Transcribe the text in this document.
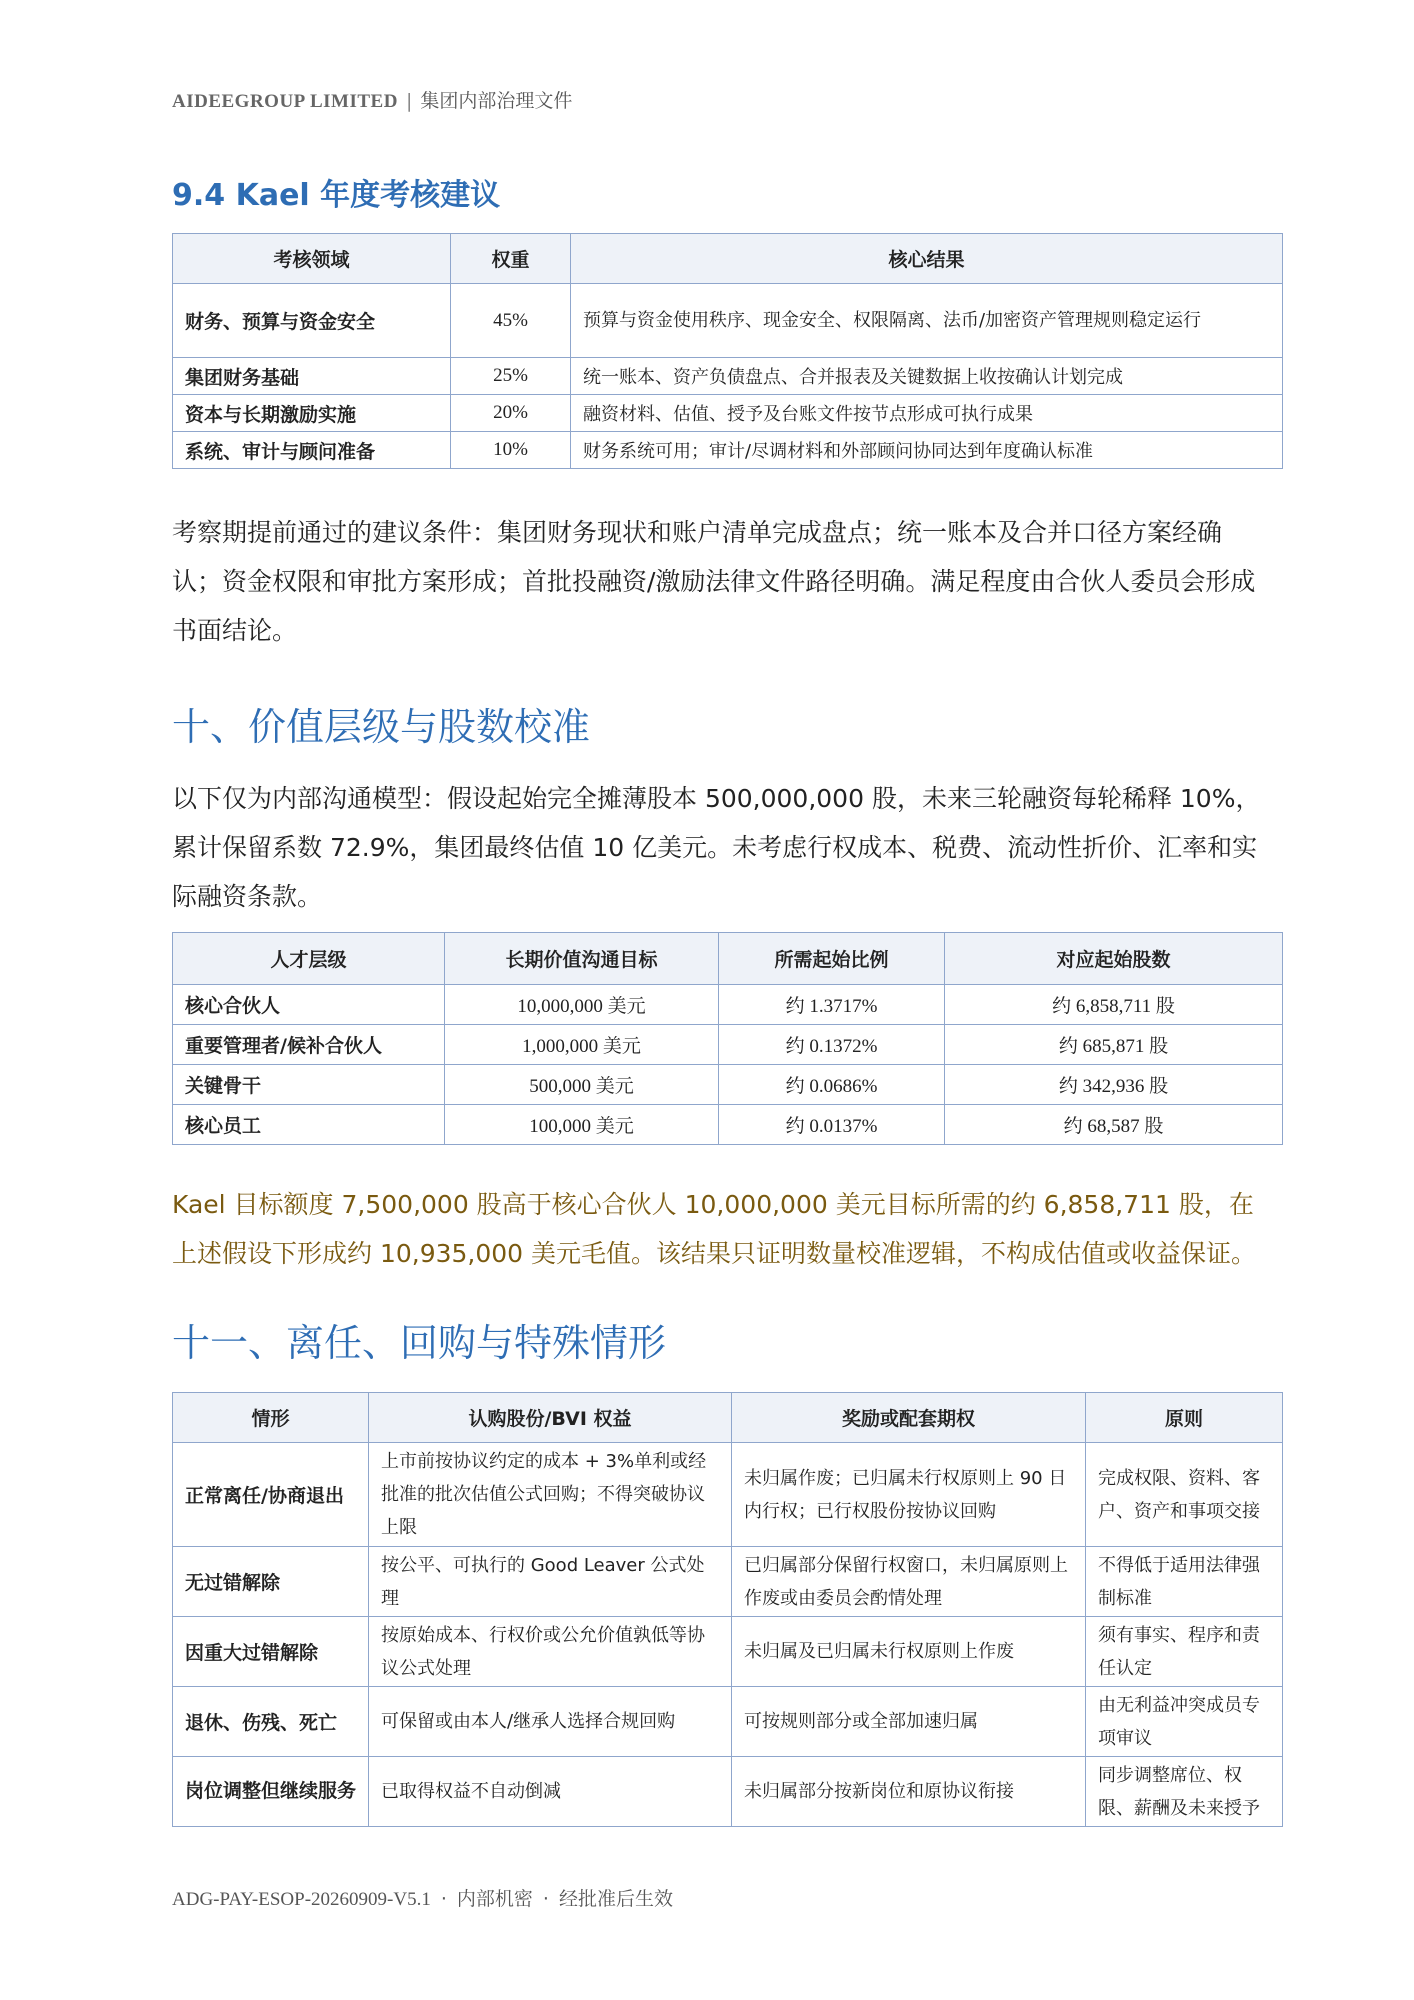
AIDEEGROUP LIMITED | 集团内部治理文件
9.4 Kael 年度考核建议
考核领域	权重	核心结果
财务、预算与资金安全	45%	预算与资金使用秩序、现金安全、权限隔离、法币/加密资产管理规则稳定运行
集团财务基础	25%	统一账本、资产负债盘点、合并报表及关键数据上收按确认计划完成
资本与长期激励实施	20%	融资材料、估值、授予及台账文件按节点形成可执行成果
系统、审计与顾问准备	10%	财务系统可用；审计/尽调材料和外部顾问协同达到年度确认标准
考察期提前通过的建议条件：集团财务现状和账户清单完成盘点；统一账本及合并口径方案经确认；资金权限和审批方案形成；首批投融资/激励法律文件路径明确。满足程度由合伙人委员会形成书面结论。
十、价值层级与股数校准
以下仅为内部沟通模型：假设起始完全摊薄股本 500,000,000 股，未来三轮融资每轮稀释 10%，累计保留系数 72.9%，集团最终估值 10 亿美元。未考虑行权成本、税费、流动性折价、汇率和实际融资条款。
人才层级	长期价值沟通目标	所需起始比例	对应起始股数
核心合伙人	10,000,000 美元	约 1.3717%	约 6,858,711 股
重要管理者/候补合伙人	1,000,000 美元	约 0.1372%	约 685,871 股
关键骨干	500,000 美元	约 0.0686%	约 342,936 股
核心员工	100,000 美元	约 0.0137%	约 68,587 股
Kael 目标额度 7,500,000 股高于核心合伙人 10,000,000 美元目标所需的约 6,858,711 股，在上述假设下形成约 10,935,000 美元毛值。该结果只证明数量校准逻辑，不构成估值或收益保证。
十一、离任、回购与特殊情形
情形	认购股份/BVI 权益	奖励或配套期权	原则
正常离任/协商退出	上市前按协议约定的成本 + 3%单利或经批准的批次估值公式回购；不得突破协议上限	未归属作废；已归属未行权原则上 90 日内行权；已行权股份按协议回购	完成权限、资料、客户、资产和事项交接
无过错解除	按公平、可执行的 Good Leaver 公式处理	已归属部分保留行权窗口，未归属原则上作废或由委员会酌情处理	不得低于适用法律强制标准
因重大过错解除	按原始成本、行权价或公允价值孰低等协议公式处理	未归属及已归属未行权原则上作废	须有事实、程序和责任认定
退休、伤残、死亡	可保留或由本人/继承人选择合规回购	可按规则部分或全部加速归属	由无利益冲突成员专项审议
岗位调整但继续服务	已取得权益不自动倒减	未归属部分按新岗位和原协议衔接	同步调整席位、权限、薪酬及未来授予
ADG-PAY-ESOP-20260909-V5.1 · 内部机密 · 经批准后生效
